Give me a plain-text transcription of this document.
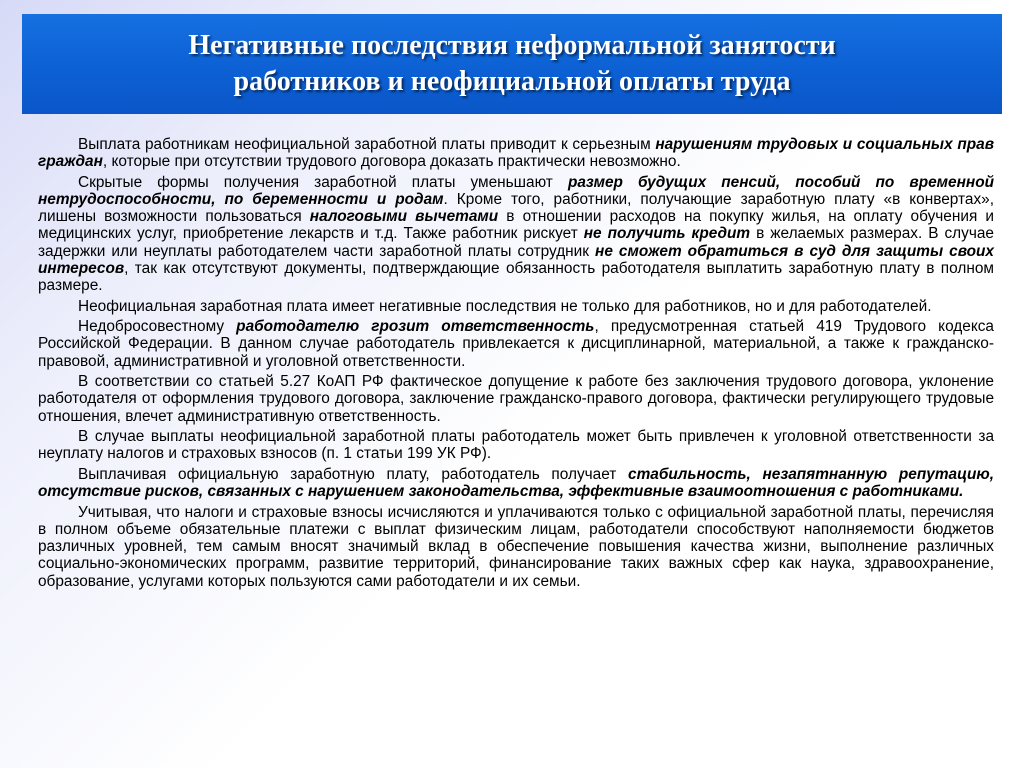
Негативные последствия неформальной занятости
работников и неофициальной оплаты труда

Выплата работникам неофициальной заработной платы приводит к серьезным нарушениям трудовых и социальных прав граждан, которые при отсутствии трудового договора доказать практически невозможно.

Скрытые формы получения заработной платы уменьшают размер будущих пенсий, пособий по временной нетрудоспособности, по беременности и родам. Кроме того, работники, получающие заработную плату «в конвертах», лишены возможности пользоваться налоговыми вычетами в отношении расходов на покупку жилья, на оплату обучения и медицинских услуг, приобретение лекарств и т.д. Также работник рискует не получить кредит в желаемых размерах. В случае задержки или неуплаты работодателем части заработной платы сотрудник не сможет обратиться в суд для защиты своих интересов, так как отсутствуют документы, подтверждающие обязанность работодателя выплатить заработную плату в полном размере.

Неофициальная заработная плата имеет негативные последствия не только для работников, но и для работодателей.

Недобросовестному работодателю грозит ответственность, предусмотренная статьей 419 Трудового кодекса Российской Федерации. В данном случае работодатель привлекается к дисциплинарной, материальной, а также к гражданско-правовой, административной и уголовной ответственности.

В соответствии со статьей 5.27 КоАП РФ фактическое допущение к работе без заключения трудового договора, уклонение работодателя от оформления трудового договора, заключение гражданско-правого договора, фактически регулирующего трудовые отношения, влечет административную ответственность.

В случае выплаты неофициальной заработной платы работодатель может быть привлечен к уголовной ответственности за неуплату налогов и страховых взносов (п. 1 статьи 199 УК РФ).

Выплачивая официальную заработную плату, работодатель получает стабильность, незапятнанную репутацию, отсутствие рисков, связанных с нарушением законодательства, эффективные взаимоотношения с работниками.

Учитывая, что налоги и страховые взносы исчисляются и уплачиваются только с официальной заработной платы, перечисляя в полном объеме обязательные платежи с выплат физическим лицам, работодатели способствуют наполняемости бюджетов различных уровней, тем самым вносят значимый вклад в обеспечение повышения качества жизни, выполнение различных социально-экономических программ, развитие территорий, финансирование таких важных сфер как наука, здравоохранение, образование, услугами которых пользуются сами работодатели и их семьи.
